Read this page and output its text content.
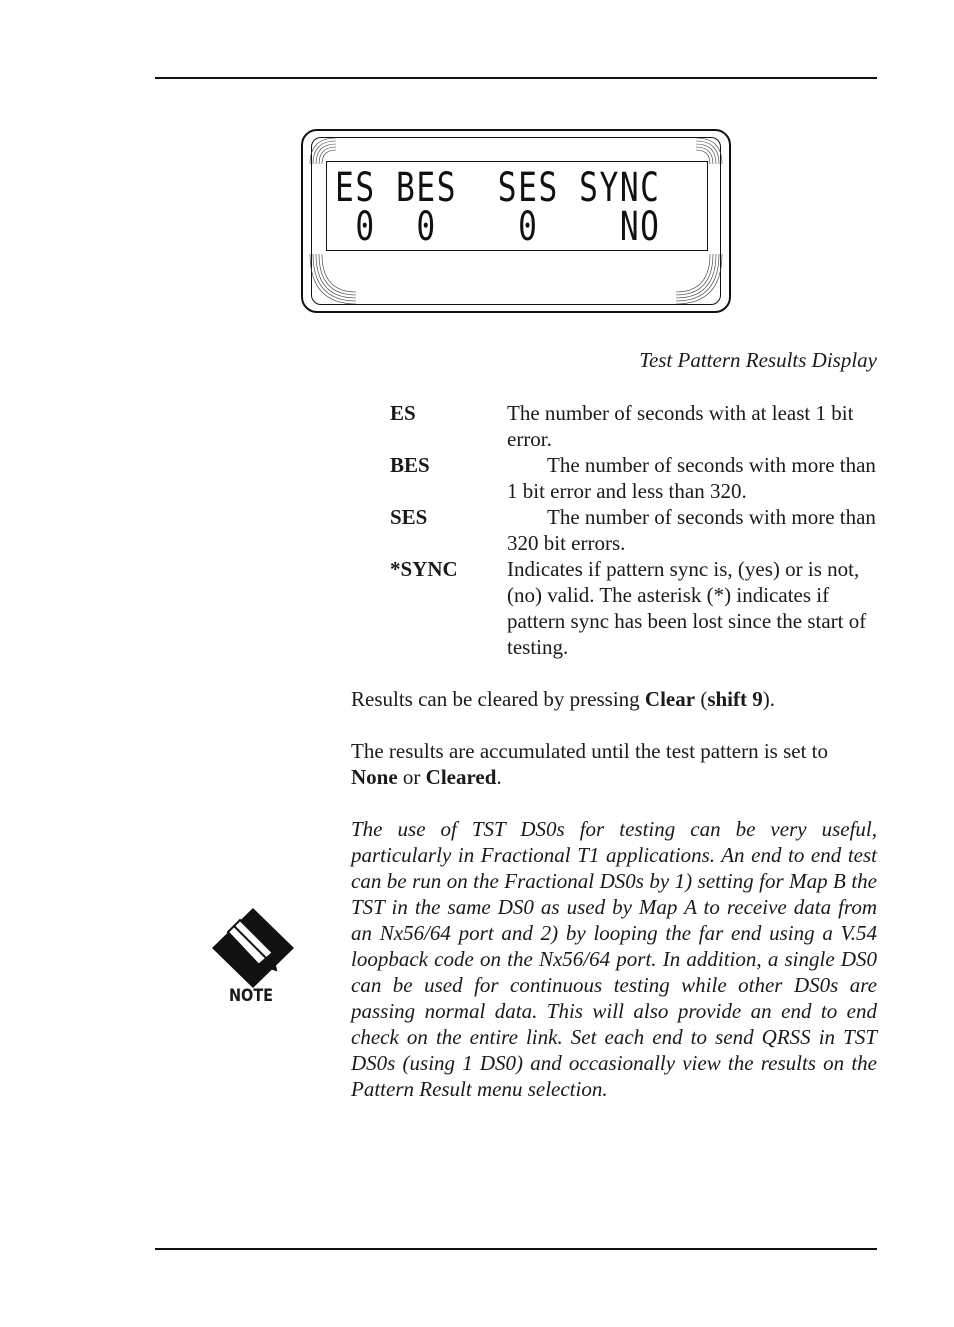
ES BES  SES SYNC
0  0    0    NO
Test Pattern Results Display
ES	The number of seconds with at least 1 bit error.
BES	The number of seconds with more than 1 bit error and less than 320.
SES	The number of seconds with more than 320 bit errors.
*SYNC	Indicates if pattern sync is, (yes) or is not, (no) valid. The asterisk (*) indicates if pattern sync has been lost since the start of testing.
Results can be cleared by pressing Clear (shift 9).
The results are accumulated until the test pattern is set to None or Cleared.
NOTE
The use of TST DS0s for testing can be very useful, particularly in Fractional T1 applications. An end to end test can be run on the Fractional DS0s by 1) setting for Map B the TST in the same DS0 as used by Map A to receive data from an Nx56/64 port and 2) by looping the far end using a V.54 loopback code on the Nx56/64 port. In addition, a single DS0 can be used for continuous testing while other DS0s are passing normal data. This will also provide an end to end check on the entire link. Set each end to send QRSS in TST DS0s (using 1 DS0) and occasionally view the results on the Pattern Result menu selection.
